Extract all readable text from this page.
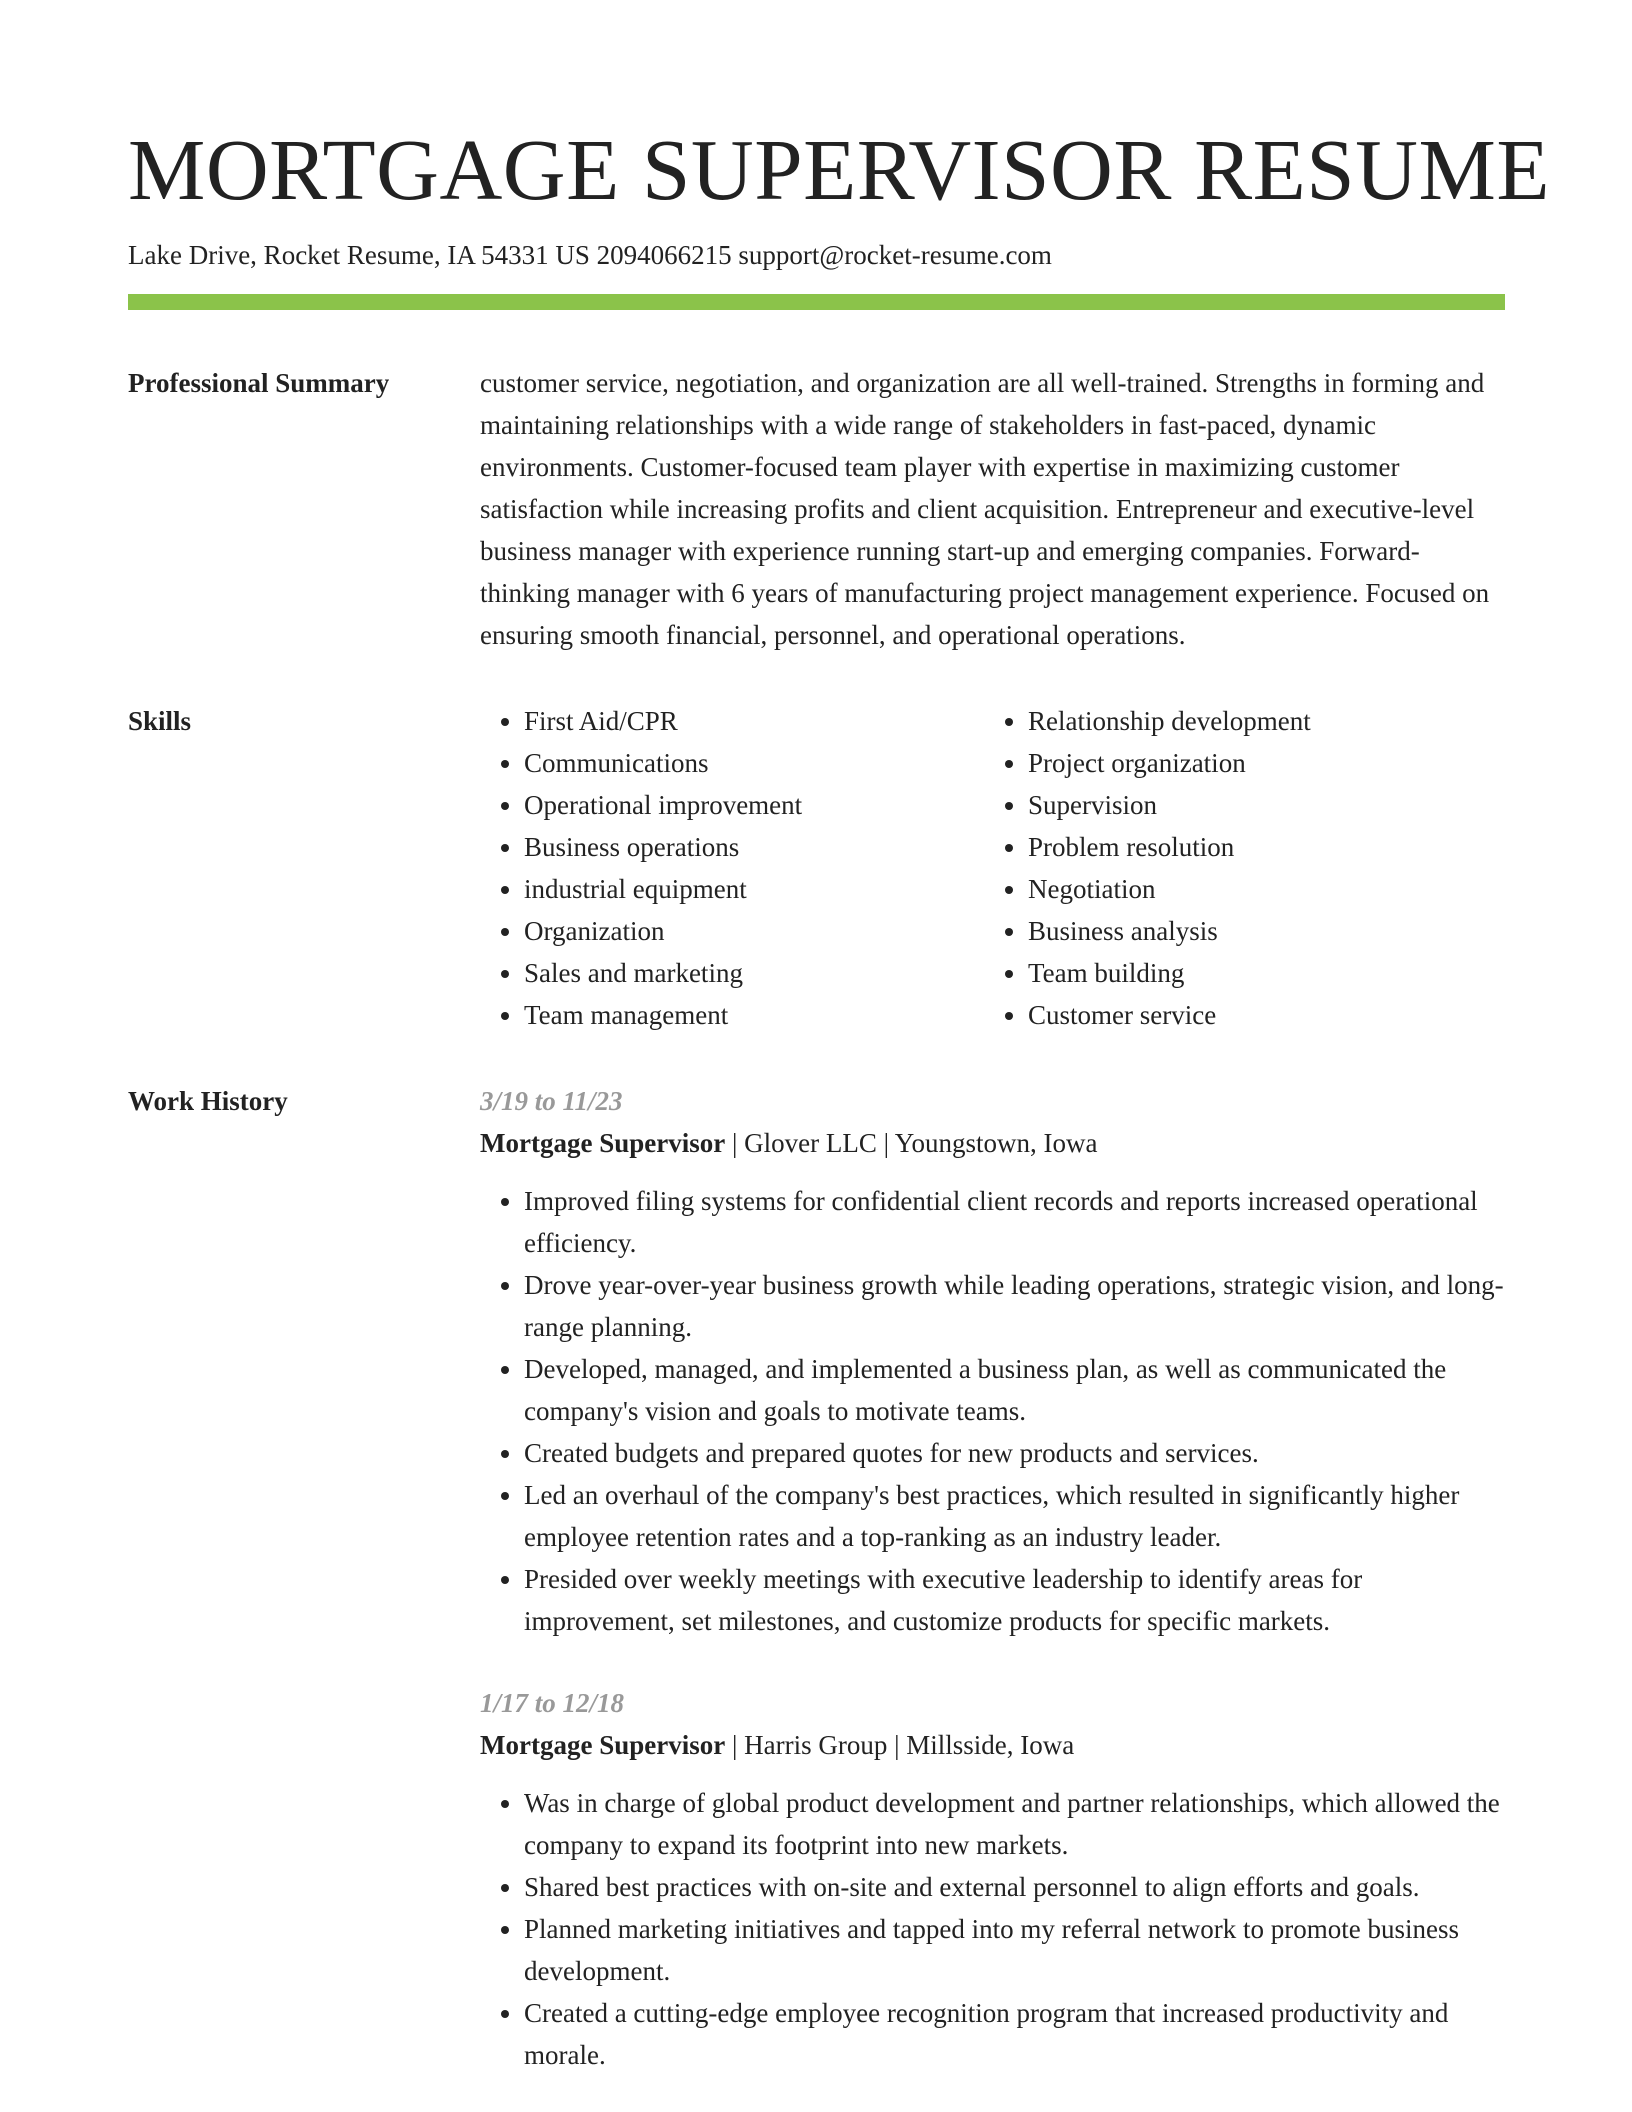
MORTGAGE SUPERVISOR RESUME
Lake Drive, Rocket Resume, IA 54331 US 2094066215 support@rocket-resume.com
Professional Summary	customer service, negotiation, and organization are all well-trained. Strengths in forming and maintaining relationships with a wide range of stakeholders in fast-paced, dynamic environments. Customer-focused team player with expertise in maximizing customer satisfaction while increasing profits and client acquisition. Entrepreneur and executive-level business manager with experience running start-up and emerging companies. Forward-thinking manager with 6 years of manufacturing project management experience. Focused on ensuring smooth financial, personnel, and operational operations.

Skills
•	First Aid/CPR
• Communications
• Operational improvement
• Business operations
• industrial equipment
• Organization
• Sales and marketing
• Team management
• Relationship development
• Project organization
• Supervision
• Problem resolution
• Negotiation
• Business analysis
• Team building
• Customer service
Work History	3/19 to 11/23
Mortgage Supervisor | Glover LLC | Youngstown, Iowa
• Improved filing systems for confidential client records and reports increased operational efficiency.
• Drove year-over-year business growth while leading operations, strategic vision, and long-range planning.
• Developed, managed, and implemented a business plan, as well as communicated the company's vision and goals to motivate teams.
• Created budgets and prepared quotes for new products and services.
• Led an overhaul of the company's best practices, which resulted in significantly higher employee retention rates and a top-ranking as an industry leader.
• Presided over weekly meetings with executive leadership to identify areas for improvement, set milestones, and customize products for specific markets.
1/17 to 12/18
Mortgage Supervisor | Harris Group | Millsside, Iowa
• Was in charge of global product development and partner relationships, which allowed the company to expand its footprint into new markets.
• Shared best practices with on-site and external personnel to align efforts and goals.
• Planned marketing initiatives and tapped into my referral network to promote business development.
• Created a cutting-edge employee recognition program that increased productivity and morale.
